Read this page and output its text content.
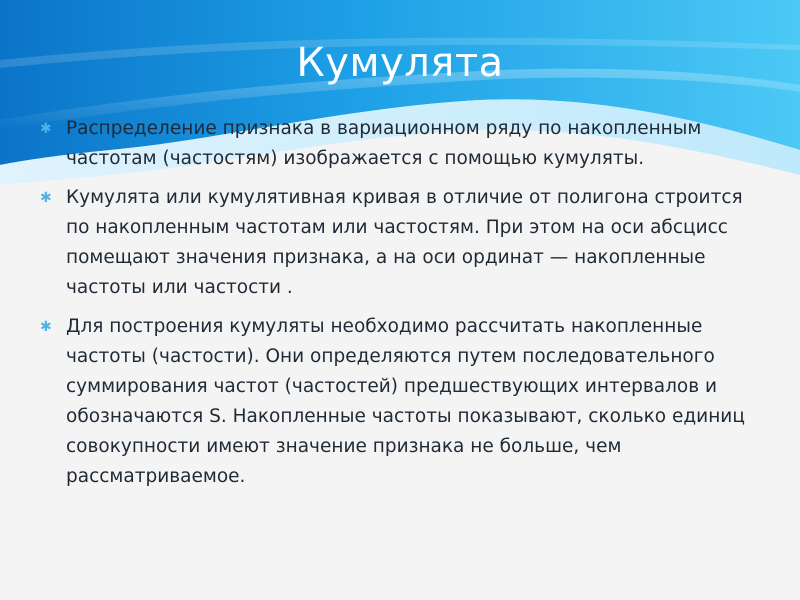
Кумулята
✱ Распределение признака в вариационном ряду по накопленным частотам (частостям) изображается с помощью кумуляты.
✱ Кумулята или кумулятивная кривая в отличие от полигона строится по накопленным частотам или частостям. При этом на оси абсцисс помещают значения признака, а на оси ординат — накопленные частоты или частости .
✱ Для построения кумуляты необходимо рассчитать накопленные частоты (частости). Они определяются путем последовательного суммирования частот (частостей) предшествующих интервалов и обозначаются S. Накопленные частоты показывают, сколько единиц совокупности имеют значение признака не больше, чем рассматриваемое.
